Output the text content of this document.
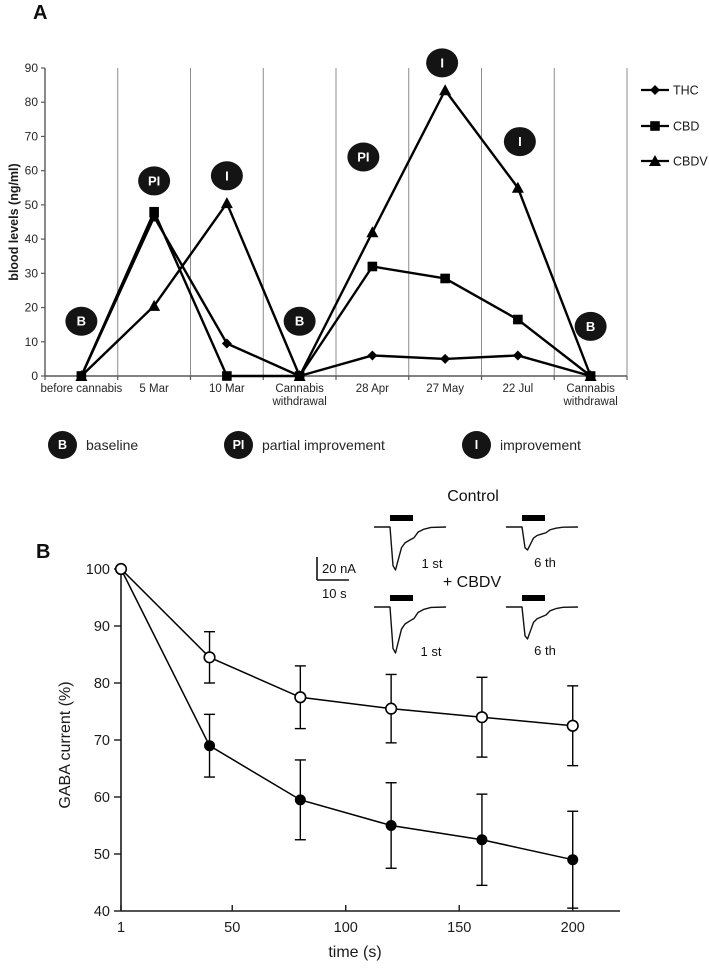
A
blood levels (ng/ml)
0
10
20
30
40
50
60
70
80
90
before cannabis 5 Mar	10 Mar	Cannabis
withdrawal
28 Apr	27 May	22 Jul	Cannabis
withdrawal
B
PI	I
B
PI
I
I
B
THC
CBD
CBDV
B	baseline	PI	partial improvement	I	improvement
B
GABA current (%)
100
90
80
70
60
50
40
1	50	100	150	200
Control
+ CBDV
20 nA
10 s
1 st	6 th
1 st	6 th
time (s)
